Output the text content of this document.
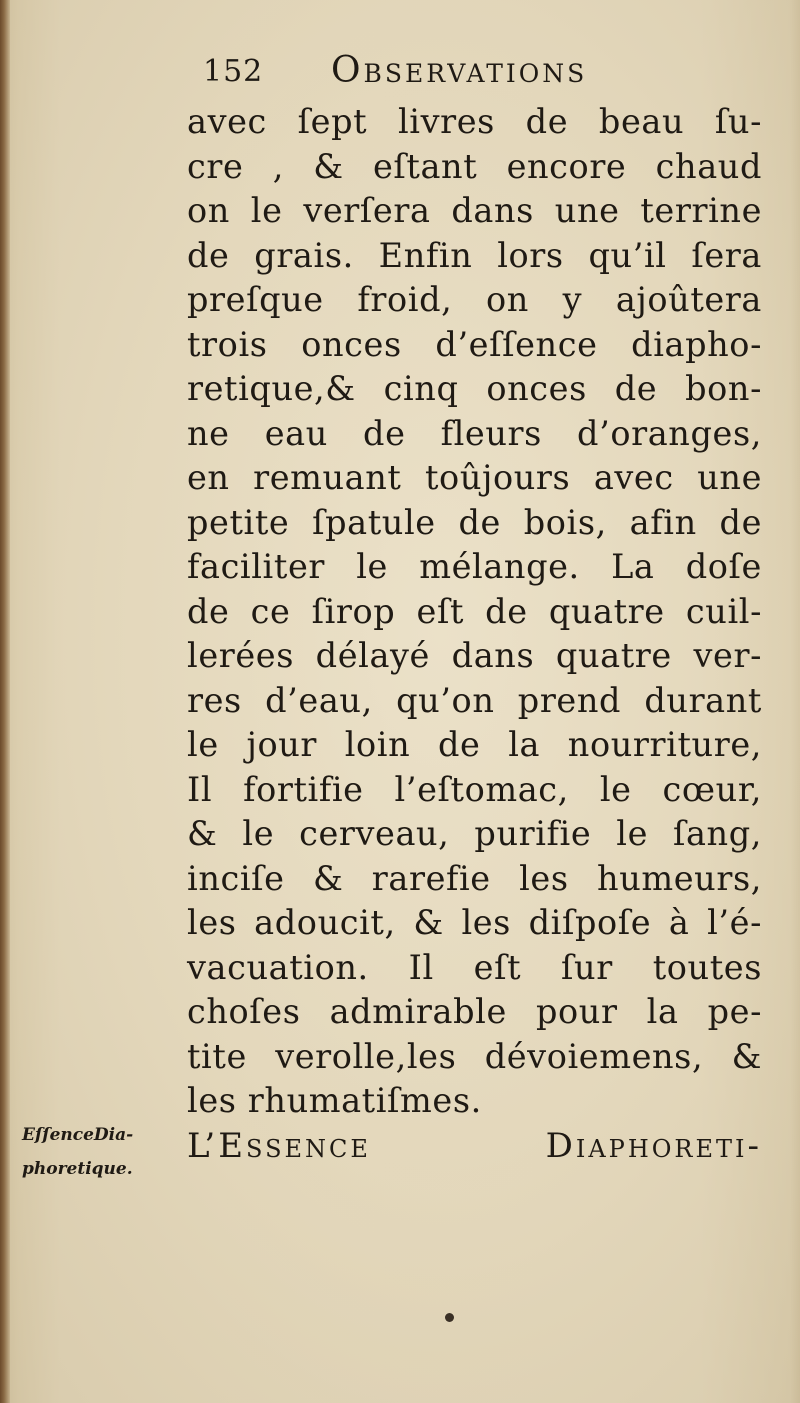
152 Observations
avec ſept livres de beau ſu-
cre , & eſtant encore chaud
on le verſera dans une terrine
de grais. Enfin lors qu’il ſera
preſque froid, on y ajoûtera
trois onces d’eſſence diapho-
retique,& cinq onces de bon-
ne eau de fleurs d’oranges,
en remuant toûjours avec une
petite ſpatule de bois, afin de
faciliter le mélange. La doſe
de ce ſirop eſt de quatre cuil-
lerées délayé dans quatre ver-
res d’eau, qu’on prend durant
le jour loin de la nourriture,
Il fortifie l’eſtomac, le cœur,
& le cerveau, purifie le ſang,
inciſe & rarefie les humeurs,
les adoucit, & les diſpoſe à l’é-
vacuation. Il eſt ſur toutes
choſes admirable pour la pe-
tite verolle,les dévoiemens, &
les rhumatiſmes.
L’Essence Diaphoreti-
EſſenceDia-
phoretique.
